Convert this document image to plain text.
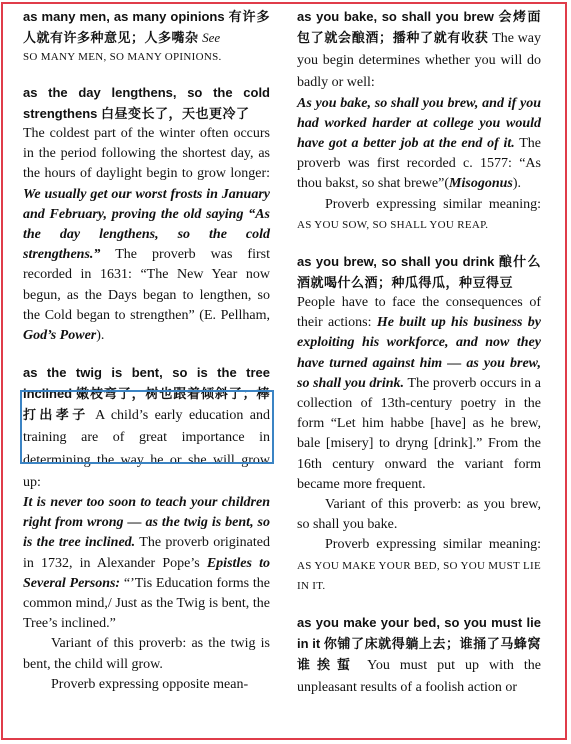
as many men, as many opinions 有许多人就有许多种意见；人多嘴杂 See

SO MANY MEN, SO MANY OPINIONS.

as the day lengthens, so the cold strengthens 白昼变长了，天也更冷了

The coldest part of the winter often occurs in the period following the shortest day, as the hours of daylight begin to grow longer: We usually get our worst frosts in January and February, proving the old saying “As the day lengthens, so the cold strengthens.” The proverb was first recorded in 1631: “The New Year now begun, as the Days began to lengthen, so the Cold began to strengthen” (E. Pellham, God’s Power).

as the twig is bent, so is the tree inclined 嫩枝弯了，树也跟着倾斜了；棒打出孝子 A child’s early education and training are of great importance in determining the way he or she will grow up:

It is never too soon to teach your children right from wrong — as the twig is bent, so is the tree inclined. The proverb originated in 1732, in Alexander Pope’s Epistles to Several Persons: “’Tis Education forms the common mind,/ Just as the Twig is bent, the Tree’s inclined.”

Variant of this proverb: as the twig is bent, the child will grow.

Proverb expressing opposite mean-

as you bake, so shall you brew 会烤面包了就会酿酒；播种了就有收获 The way you begin determines whether you will do badly or well:

As you bake, so shall you brew, and if you had worked harder at college you would have got a better job at the end of it. The proverb was first recorded c. 1577: “As thou bakst, so shat brewe”(Misogonus).

Proverb expressing similar meaning: AS YOU SOW, SO SHALL YOU REAP.

as you brew, so shall you drink 酿什么酒就喝什么酒；种瓜得瓜，种豆得豆

People have to face the consequences of their actions: He built up his business by exploiting his workforce, and now they have turned against him — as you brew, so shall you drink. The proverb occurs in a collection of 13th-century poetry in the form “Let him habbe [have] as he brew, bale [misery] to dryng [drink].” From the 16th century onward the variant form became more frequent.

Variant of this proverb: as you brew, so shall you bake.

Proverb expressing similar meaning: AS YOU MAKE YOUR BED, SO YOU MUST LIE IN IT.

as you make your bed, so you must lie in it 你铺了床就得躺上去；谁捅了马蜂窝谁挨蜇 You must put up with the unpleasant results of a foolish action or
